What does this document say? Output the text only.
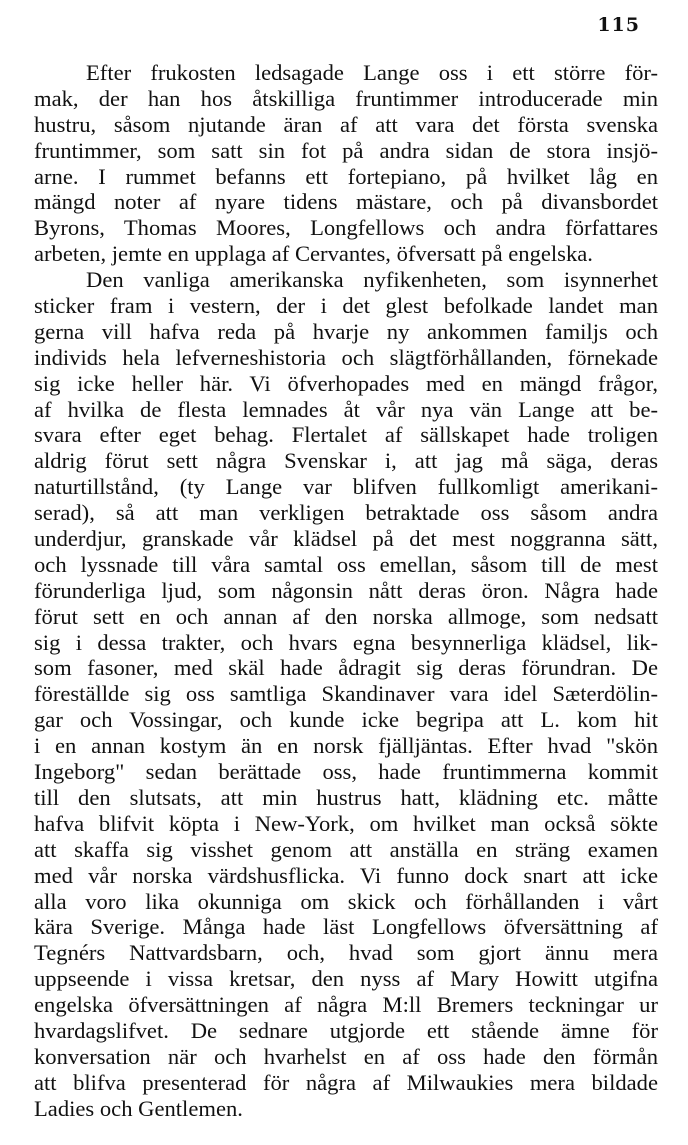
115
Efter frukosten ledsagade Lange oss i ett större för-
mak, der han hos åtskilliga fruntimmer introducerade min
hustru, såsom njutande äran af att vara det första svenska
fruntimmer, som satt sin fot på andra sidan de stora insjö-
arne. I rummet befanns ett fortepiano, på hvilket låg en
mängd noter af nyare tidens mästare, och på divansbordet
Byrons, Thomas Moores, Longfellows och andra författares
arbeten, jemte en upplaga af Cervantes, öfversatt på engelska.
Den vanliga amerikanska nyfikenheten, som isynnerhet
sticker fram i vestern, der i det glest befolkade landet man
gerna vill hafva reda på hvarje ny ankommen familjs och
individs hela lefverneshistoria och slägtförhållanden, förnekade
sig icke heller här. Vi öfverhopades med en mängd frågor,
af hvilka de flesta lemnades åt vår nya vän Lange att be-
svara efter eget behag. Flertalet af sällskapet hade troligen
aldrig förut sett några Svenskar i, att jag må säga, deras
naturtillstånd, (ty Lange var blifven fullkomligt amerikani-
serad), så att man verkligen betraktade oss såsom andra
underdjur, granskade vår klädsel på det mest noggranna sätt,
och lyssnade till våra samtal oss emellan, såsom till de mest
förunderliga ljud, som någonsin nått deras öron. Några hade
förut sett en och annan af den norska allmoge, som nedsatt
sig i dessa trakter, och hvars egna besynnerliga klädsel, lik-
som fasoner, med skäl hade ådragit sig deras förundran. De
föreställde sig oss samtliga Skandinaver vara idel Sæterdölin-
gar och Vossingar, och kunde icke begripa att L. kom hit
i en annan kostym än en norsk fjälljäntas. Efter hvad "skön
Ingeborg" sedan berättade oss, hade fruntimmerna kommit
till den slutsats, att min hustrus hatt, klädning etc. måtte
hafva blifvit köpta i New-York, om hvilket man också sökte
att skaffa sig visshet genom att anställa en sträng examen
med vår norska värdshusflicka. Vi funno dock snart att icke
alla voro lika okunniga om skick och förhållanden i vårt
kära Sverige. Många hade läst Longfellows öfversättning af
Tegnérs Nattvardsbarn, och, hvad som gjort ännu mera
uppseende i vissa kretsar, den nyss af Mary Howitt utgifna
engelska öfversättningen af några M:ll Bremers teckningar ur
hvardagslifvet. De sednare utgjorde ett stående ämne för
konversation när och hvarhelst en af oss hade den förmån
att blifva presenterad för några af Milwaukies mera bildade
Ladies och Gentlemen.
